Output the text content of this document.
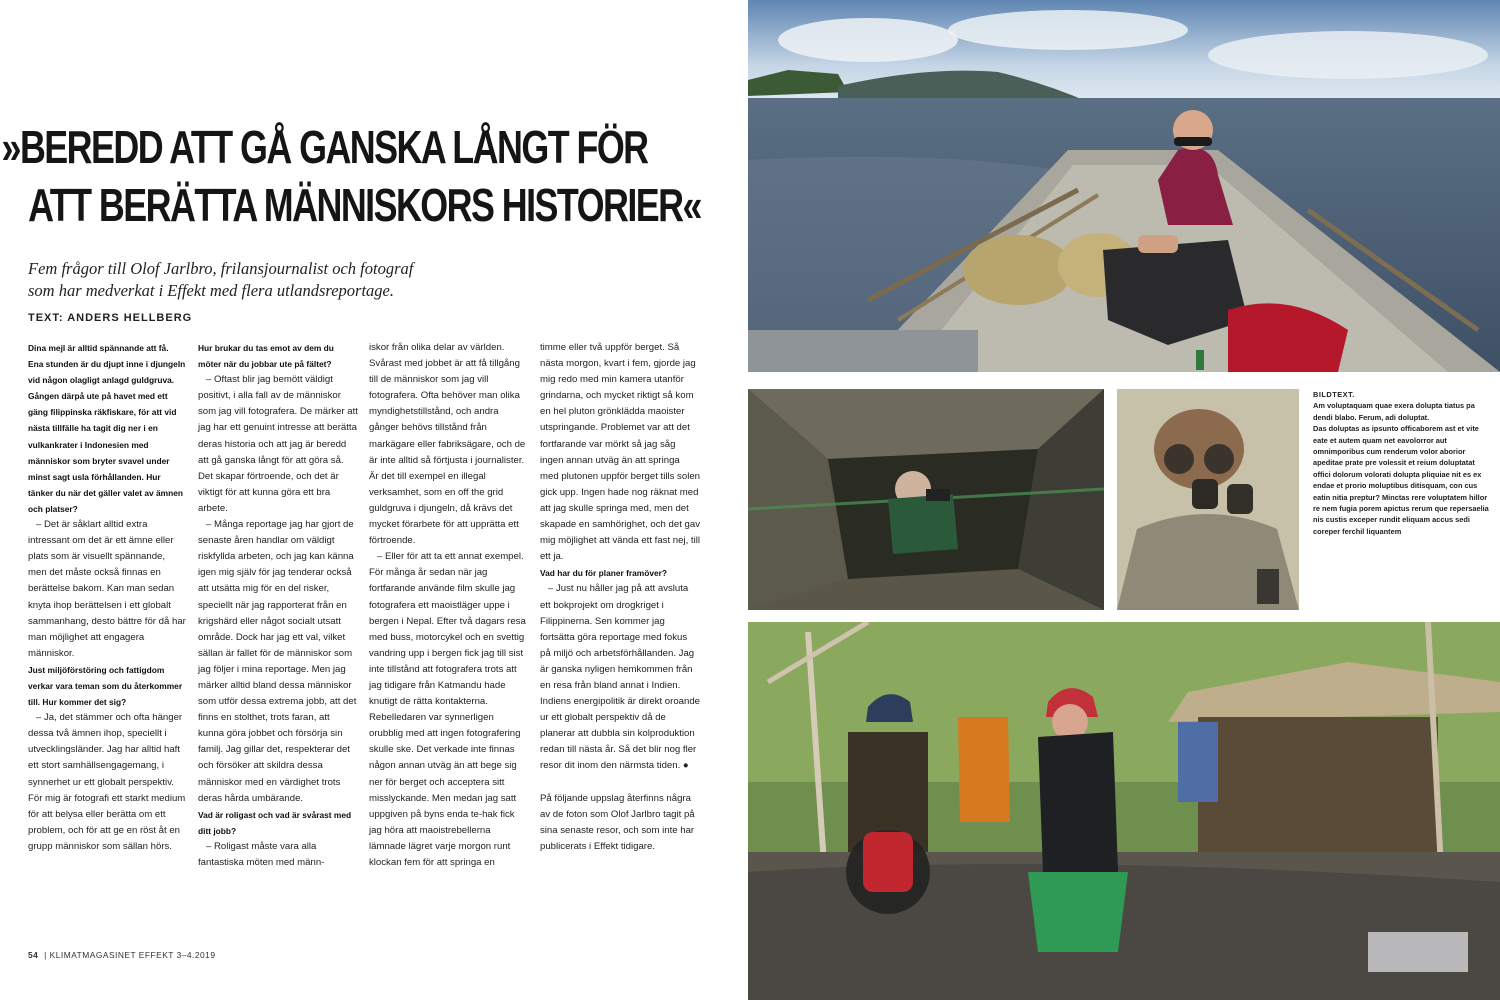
»BEREDD ATT GÅ GANSKA LÅNGT FÖR
ATT BERÄTTA MÄNNISKORS HISTORIER«

Fem frågor till Olof Jarlbro, frilansjournalist och fotograf
som har medverkat i Effekt med flera utlandsreportage.

TEXT: ANDERS HELLBERG

Dina mejl är alltid spännande att få. Ena stunden är du djupt inne i djungeln vid någon olagligt anlagd guldgruva. Gången därpå ute på havet med ett gäng filippinska räkfiskare, för att vid nästa tillfälle ha tagit dig ner i en vulkankrater i Indonesien med människor som bryter svavel under minst sagt usla förhållanden. Hur tänker du när det gäller valet av ämnen och platser?

– Det är såklart alltid extra intressant om det är ett ämne eller plats som är visuellt spännande, men det måste också finnas en berättelse bakom. Kan man sedan knyta ihop berättelsen i ett globalt sammanhang, desto bättre för då har man möjlighet att engagera människor.

Just miljöförstöring och fattigdom verkar vara teman som du återkommer till. Hur kommer det sig?

– Ja, det stämmer och ofta hänger dessa två ämnen ihop, speciellt i utvecklingsländer. Jag har alltid haft ett stort samhällsengagemang, i synnerhet ur ett globalt perspektiv. För mig är fotografi ett starkt medium för att belysa eller berätta om ett problem, och för att ge en röst åt en grupp människor som sällan hörs.

Hur brukar du tas emot av dem du möter när du jobbar ute på fältet?

– Oftast blir jag bemött väldigt positivt, i alla fall av de människor som jag vill fotografera. De märker att jag har ett genuint intresse att berätta deras historia och att jag är beredd att gå ganska långt för att göra så. Det skapar förtroende, och det är viktigt för att kunna göra ett bra arbete.

– Många reportage jag har gjort de senaste åren handlar om väldigt riskfyllda arbeten, och jag kan känna igen mig själv för jag tenderar också att utsätta mig för en del risker, speciellt när jag rapporterat från en krigshärd eller något socialt utsatt område. Dock har jag ett val, vilket sällan är fallet för de människor som jag följer i mina reportage. Men jag märker alltid bland dessa människor som utför dessa extrema jobb, att det finns en stolthet, trots faran, att kunna göra jobbet och försörja sin familj. Jag gillar det, respekterar det och försöker att skildra dessa människor med en värdighet trots deras hårda umbärande.

Vad är roligast och vad är svårast med ditt jobb?

– Roligast måste vara alla fantastiska möten med männ-

iskor från olika delar av världen. Svårast med jobbet är att få tillgång till de människor som jag vill fotografera. Ofta behöver man olika myndighetstillstånd, och andra gånger behövs tillstånd från markägare eller fabriksägare, och de är inte alltid så förtjusta i journalister. Är det till exempel en illegal verksamhet, som en off the grid guldgruva i djungeln, då krävs det mycket förarbete för att upprätta ett förtroende.

– Eller för att ta ett annat exempel. För många år sedan när jag fortfarande använde film skulle jag fotografera ett maoistläger uppe i bergen i Nepal. Efter två dagars resa med buss, motorcykel och en svettig vandring upp i bergen fick jag till sist inte tillstånd att fotografera trots att jag tidigare från Katmandu hade knutigt de rätta kontakterna. Rebelledaren var synnerligen orubblig med att ingen fotografering skulle ske. Det verkade inte finnas någon annan utväg än att bege sig ner för berget och acceptera sitt misslyckande. Men medan jag satt uppgiven på byns enda te-hak fick jag höra att maoistrebellerna lämnade lägret varje morgon runt klockan fem för att springa en

timme eller två uppför berget. Så nästa morgon, kvart i fem, gjorde jag mig redo med min kamera utanför grindarna, och mycket riktigt så kom en hel pluton grönklädda maoister utspringande. Problemet var att det fortfarande var mörkt så jag såg ingen annan utväg än att springa med plutonen uppför berget tills solen gick upp. Ingen hade nog räknat med att jag skulle springa med, men det skapade en samhörighet, och det gav mig möjlighet att vända ett fast nej, till ett ja.

Vad har du för planer framöver?

– Just nu håller jag på att avsluta ett bokprojekt om drogkriget i Filippinerna. Sen kommer jag fortsätta göra reportage med fokus på miljö och arbetsförhållanden. Jag är ganska nyligen hemkommen från en resa från bland annat i Indien. Indiens energipolitik är direkt oroande ur ett globalt perspektiv då de planerar att dubbla sin kolproduktion redan till nästa år. Så det blir nog fler resor dit inom den närmsta tiden. ●

På följande uppslag återfinns några av de foton som Olof Jarlbro tagit på sina senaste resor, och som inte har publicerats i Effekt tidigare.

54 | KLIMATMAGASINET EFFEKT 3–4.2019

BILDTEXT.

Am voluptaquam quae exera dolupta tiatus pa dendi blabo. Ferum, adi doluptat.

Das doluptas as ipsunto officaborem ast et vite eate et autem quam net eavolorror aut omnimporibus cum renderum volor aborior apeditae prate pre volessit et reium doluptatat offici dolorum volorati dolupta pliquiae nit es ex endae et prorio moluptibus ditisquam, con cus eatin nitia preptur? Minctas rere voluptatem hillor re nem fugia porem apictus rerum que repersaelia nis custis exceper rundit eliquam accus sedi coreper ferchil liquantem
